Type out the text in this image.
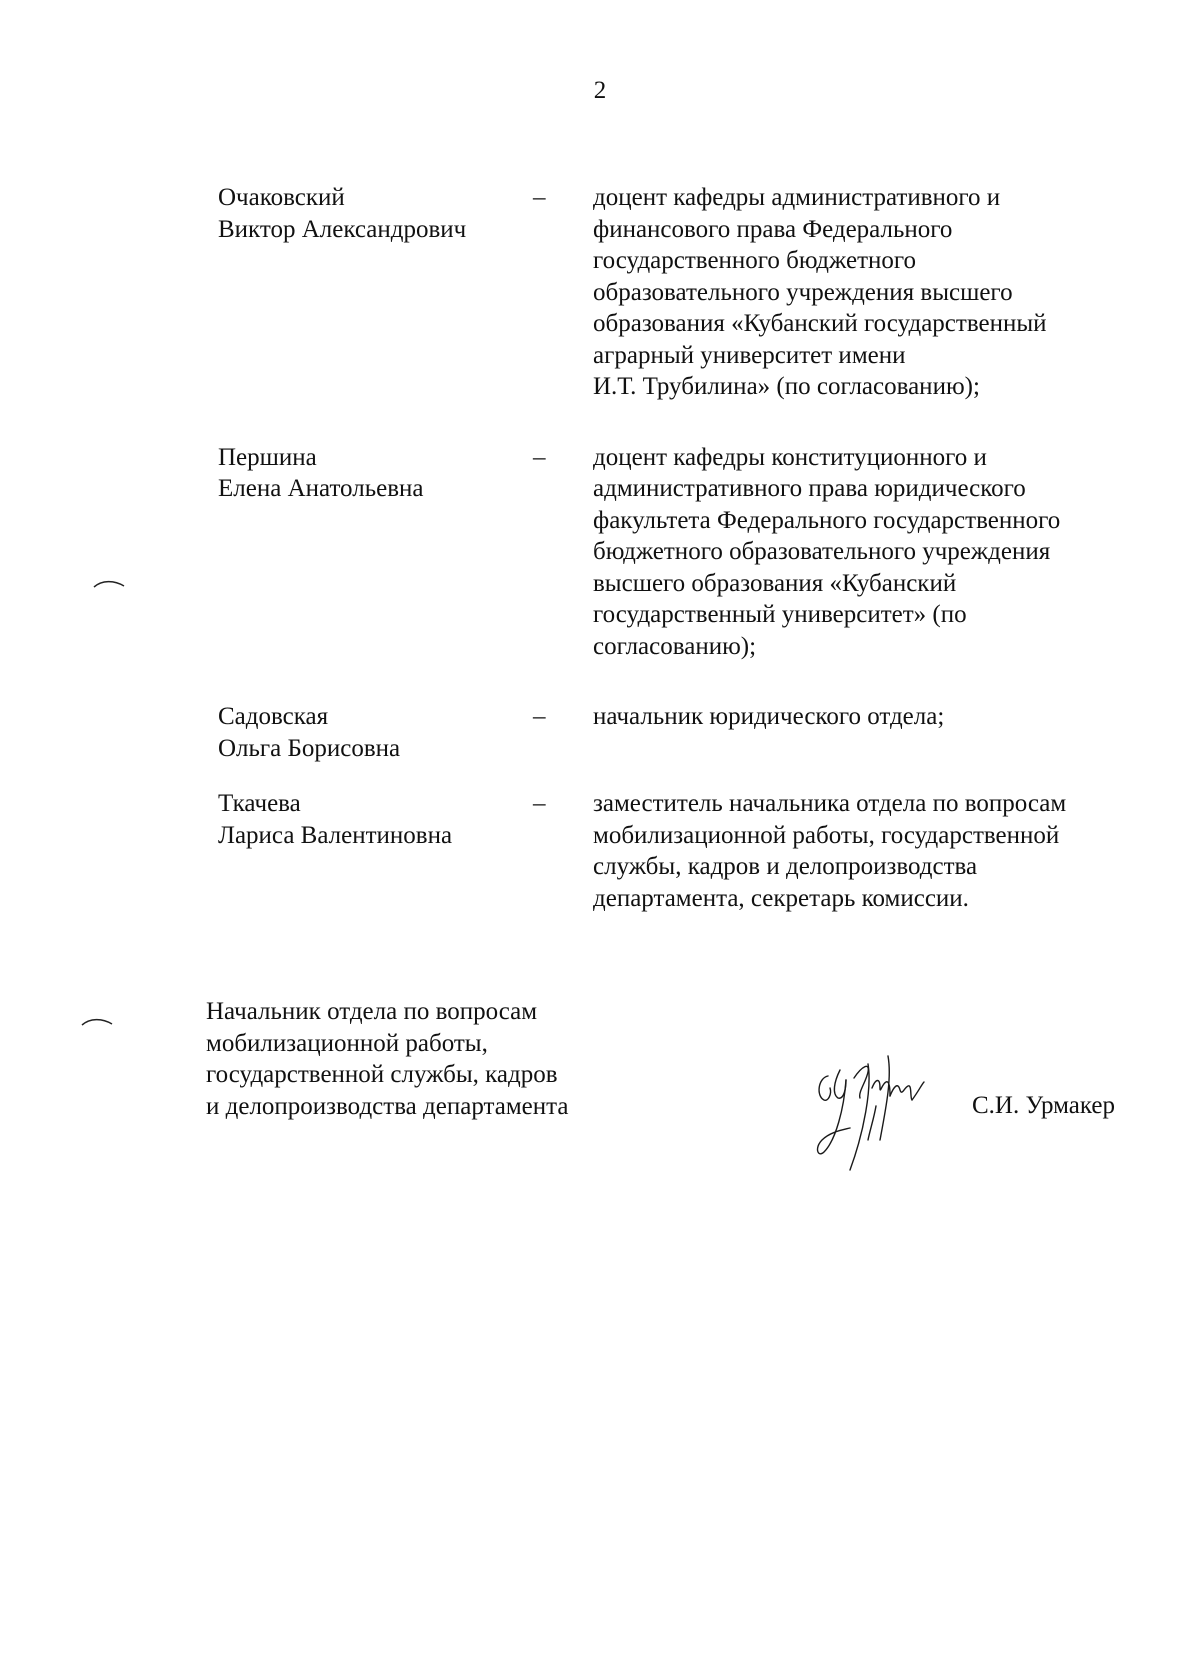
2
Очаковский
Виктор Александрович
–	доцент кафедры административного и
финансового права Федерального
государственного бюджетного
образовательного учреждения высшего
образования «Кубанский государственный
аграрный университет имени
И.Т. Трубилина» (по согласованию);
Першина
Елена Анатольевна
–	доцент кафедры конституционного и
административного права юридического
факультета Федерального государственного
бюджетного образовательного учреждения
высшего образования «Кубанский
государственный университет» (по
согласованию);
Садовская
Ольга Борисовна
–	начальник юридического отдела;
Ткачева
Лариса Валентиновна
–	заместитель начальника отдела по вопросам
мобилизационной работы, государственной
службы, кадров и делопроизводства
департамента, секретарь комиссии.
Начальник отдела по вопросам
мобилизационной работы,
государственной службы, кадров
и делопроизводства департамента	С.И. Урмакер
